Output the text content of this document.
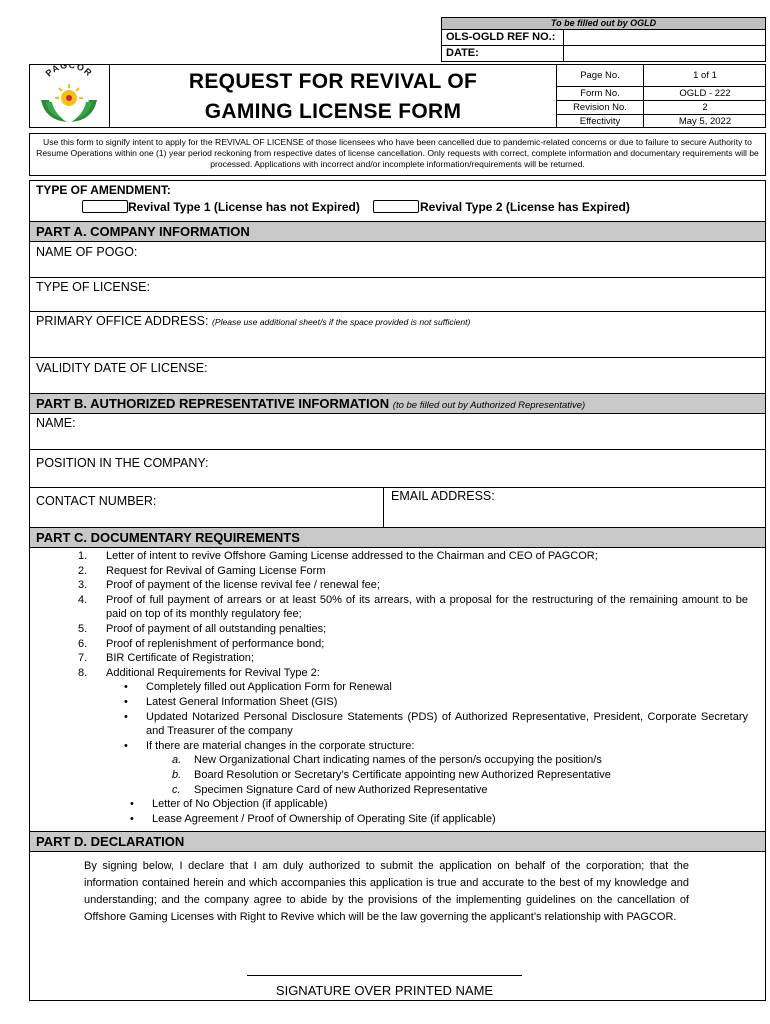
To be filled out by OGLD
OLS-OGLD REF NO.:
DATE:
PAGCOR	REQUEST FOR REVIVAL OF
GAMING LICENSE FORM
Page No.	1 of 1
Form No.	OGLD - 222
Revision No.	2
Effectivity	May 5, 2022
Use this form to signify intent to apply for the REVIVAL OF LICENSE of those licensees who have been cancelled due to pandemic-related concerns or due to failure to secure Authority to Resume Operations within one (1) year period reckoning from respective dates of license cancellation. Only requests with correct, complete information and documentary requirements will be processed. Applications with incorrect and/or incomplete information/requirements will be returned.
TYPE OF AMENDMENT:
Revival Type 1 (License has not Expired)	Revival Type 2 (License has Expired)
PART A. COMPANY INFORMATION
NAME OF POGO:
TYPE OF LICENSE:
PRIMARY OFFICE ADDRESS: (Please use additional sheet/s if the space provided is not sufficient)
VALIDITY DATE OF LICENSE:
PART B. AUTHORIZED REPRESENTATIVE INFORMATION (to be filled out by Authorized Representative)
NAME:
POSITION IN THE COMPANY:
CONTACT NUMBER:	EMAIL ADDRESS:
PART C. DOCUMENTARY REQUIREMENTS
1.	Letter of intent to revive Offshore Gaming License addressed to the Chairman and CEO of PAGCOR;
2.	Request for Revival of Gaming License Form
3.	Proof of payment of the license revival fee / renewal fee;
4.	Proof of full payment of arrears or at least 50% of its arrears, with a proposal for the restructuring of the remaining amount to be paid on top of its monthly regulatory fee;
5.	Proof of payment of all outstanding penalties;
6.	Proof of replenishment of performance bond;
7.	BIR Certificate of Registration;
8.	Additional Requirements for Revival Type 2:
•	Completely filled out Application Form for Renewal
•	Latest General Information Sheet (GIS)
•	Updated Notarized Personal Disclosure Statements (PDS) of Authorized Representative, President, Corporate Secretary and Treasurer of the company
•	If there are material changes in the corporate structure:
a.	New Organizational Chart indicating names of the person/s occupying the position/s
b.	Board Resolution or Secretary’s Certificate appointing new Authorized Representative
c.	Specimen Signature Card of new Authorized Representative
•	Letter of No Objection (if applicable)
•	Lease Agreement / Proof of Ownership of Operating Site (if applicable)
PART D. DECLARATION
By signing below, I declare that I am duly authorized to submit the application on behalf of the corporation; that the information contained herein and which accompanies this application is true and accurate to the best of my knowledge and understanding; and the company agree to abide by the provisions of the implementing guidelines on the cancellation of Offshore Gaming Licenses with Right to Revive which will be the law governing the applicant’s relationship with PAGCOR.
SIGNATURE OVER PRINTED NAME
